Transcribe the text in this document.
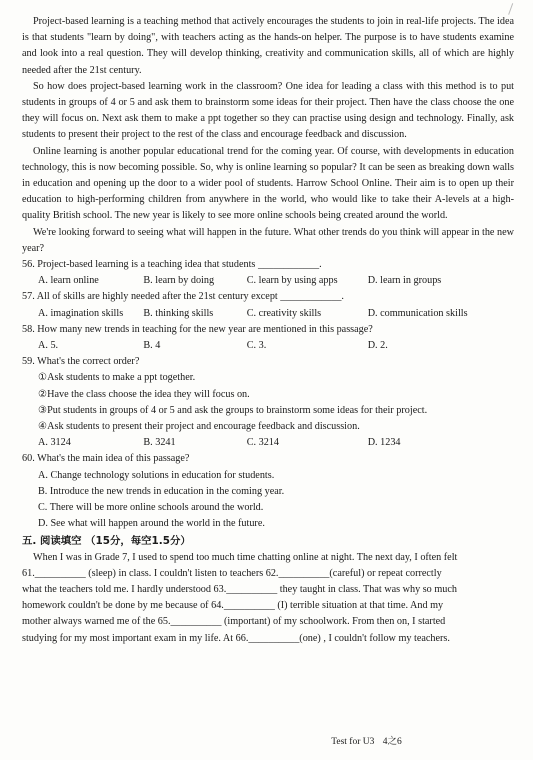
Project-based learning is a teaching method that actively encourages the students to join in real-life projects. The idea is that students "learn by doing", with teachers acting as the hands-on helper. The purpose is to have students examine and look into a real question. They will develop thinking, creativity and communication skills, all of which are highly needed after the 21st century.

So how does project-based learning work in the classroom? One idea for leading a class with this method is to put students in groups of 4 or 5 and ask them to brainstorm some ideas for their project. Then have the class choose the one they will focus on. Next ask them to make a ppt together so they can practise using design and technology. Finally, ask students to present their project to the rest of the class and encourage feedback and discussion.

Online learning is another popular educational trend for the coming year. Of course, with developments in education technology, this is now becoming possible. So, why is online learning so popular? It can be seen as breaking down walls in education and opening up the door to a wider pool of students. Harrow School Online. Their aim is to open up their education to high-performing children from anywhere in the world, who would like to take their A-levels at a high-quality British school. The new year is likely to see more online schools being created around the world.

We're looking forward to seeing what will happen in the future. What other trends do you think will appear in the new year?

56. Project-based learning is a teaching idea that students ____________.

A. learn online	B. learn by doing	C. learn by using apps	D. learn in groups

57. All of skills are highly needed after the 21st century except ____________.

A. imagination skills	B. thinking skills	C. creativity skills	D. communication skills

58. How many new trends in teaching for the new year are mentioned in this passage?

A. 5.	B. 4	C. 3.	D. 2.

59. What's the correct order?

①Ask students to make a ppt together.

②Have the class choose the idea they will focus on.

③Put students in groups of 4 or 5 and ask the groups to brainstorm some ideas for their project.

④Ask students to present their project and encourage feedback and discussion.

A. 3124	B. 3241	C. 3214	D. 1234

60. What's the main idea of this passage?

A. Change technology solutions in education for students.

B. Introduce the new trends in education in the coming year.

C. There will be more online schools around the world.

D. See what will happen around the world in the future.

五. 阅读填空 （15分，每空1.5分）

When I was in Grade 7, I used to spend too much time chatting online at night. The next day, I often felt

61.__________ (sleep) in class. I couldn't listen to teachers 62.__________(careful) or repeat correctly

what the teachers told me. I hardly understood 63.__________ they taught in class. That was why so much

homework couldn't be done by me because of 64.__________ (I) terrible situation at that time. And my

mother always warned me of the 65.__________ (important) of my schoolwork. From then on, I started

studying for my most important exam in my life. At 66.__________(one) , I couldn't follow my teachers.

Test for U3 4之6
